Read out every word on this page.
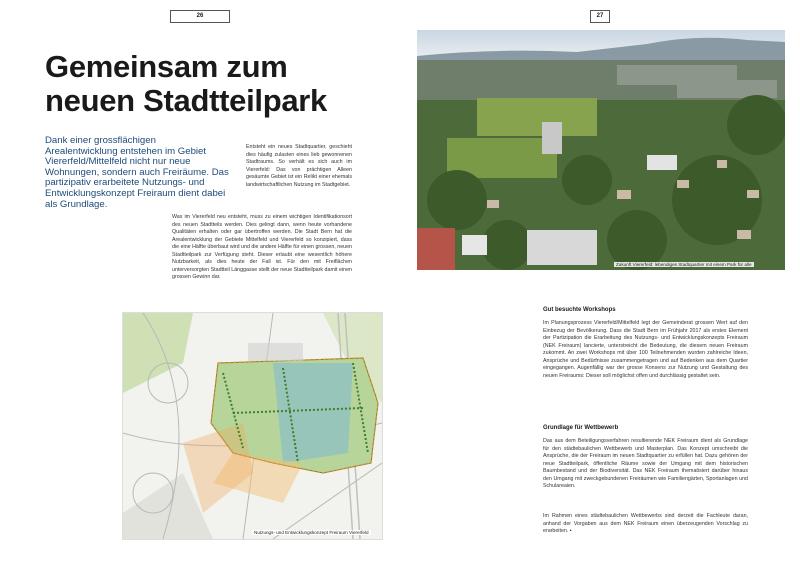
26	27
Gemeinsam zum
neuen Stadtteilpark

Dank einer grossflächigen Arealentwicklung entstehen im Gebiet Viererfeld/Mittelfeld nicht nur neue Wohnungen, sondern auch Freiräume. Das partizipativ erarbeitete Nutzungs- und Entwicklungskonzept Freiraum dient dabei als Grundlage.

Entsteht ein neues Stadtquartier, geschieht dies häufig zulasten eines lieb gewonnenen Stadtraums. So verhält es sich auch im Viererfeld: Das von prächtigen Alleen gesäumte Gebiet ist ein Relikt einer ehemals landwirtschaftlichen Nutzung im Stadtgebiet.

Was im Viererfeld neu entsteht, muss zu einem wichtigen Identifikationsort des neuen Stadtteils werden. Dies gelingt dann, wenn heute vorhandene Qualitäten erhalten oder gar übertroffen werden. Die Stadt Bern hat die Arealentwicklung der Gebiete Mittelfeld und Viererfeld so konzipiert, dass die eine Hälfte überbaut wird und die andere Hälfte für einen grossen, neuen Stadtteilpark zur Verfügung steht. Dieser erlaubt eine wesentlich höhere Nutzbarkeit, als dies heute der Fall ist. Für den mit Freiflächen unterversorgten Stadtteil Länggasse stellt der neue Stadtteilpark damit einen grossen Gewinn dar.

Zukunft Viererfeld: lebendiges Stadtquartier mit einem Park für alle
Nutzungs- und Entwicklungskonzept Freiraum Viererfeld
Gut besuchte Workshops

Im Planungsprozess Viererfeld/Mittelfeld legt der Gemeinderat grossen Wert auf den Einbezug der Bevölkerung. Dass die Stadt Bern im Frühjahr 2017 als erstes Element der Partizipation die Erarbeitung des Nutzungs- und Entwicklungskonzepts Freiraum (NEK Freiraum) lancierte, unterstreicht die Bedeutung, die diesem neuen Freiraum zukommt. An zwei Workshops mit über 100 Teilnehmenden wurden zahlreiche Ideen, Ansprüche und Bedürfnisse zusammengetragen und auf Bedenken aus dem Quartier eingegangen. Augenfällig war der grosse Konsens zur Nutzung und Gestaltung des neuen Freiraums: Dieser soll möglichst offen und durchlässig gestaltet sein.

Grundlage für Wettbewerb

Das aus dem Beteiligungsverfahren resultierende NEK Freiraum dient als Grundlage für den städtebaulichen Wettbewerb und Masterplan. Das Konzept umschreibt die Ansprüche, die der Freiraum im neuen Stadtquartier zu erfüllen hat. Dazu gehören der neue Stadtteilpark, öffentliche Räume sowie der Umgang mit dem historischen Baumbestand und der Biodiversität. Das NEK Freiraum thematisiert darüber hinaus den Umgang mit zweckgebundenen Freiräumen wie Familiengärten, Sportanlagen und Schulareaien.

Im Rahmen eines städtebaulichen Wettbewerbs sind derzeit die Fachleute daran, anhand der Vorgaben aus dem NEK Freiraum einen überzeugenden Vorschlag zu erarbeiten. ▪
